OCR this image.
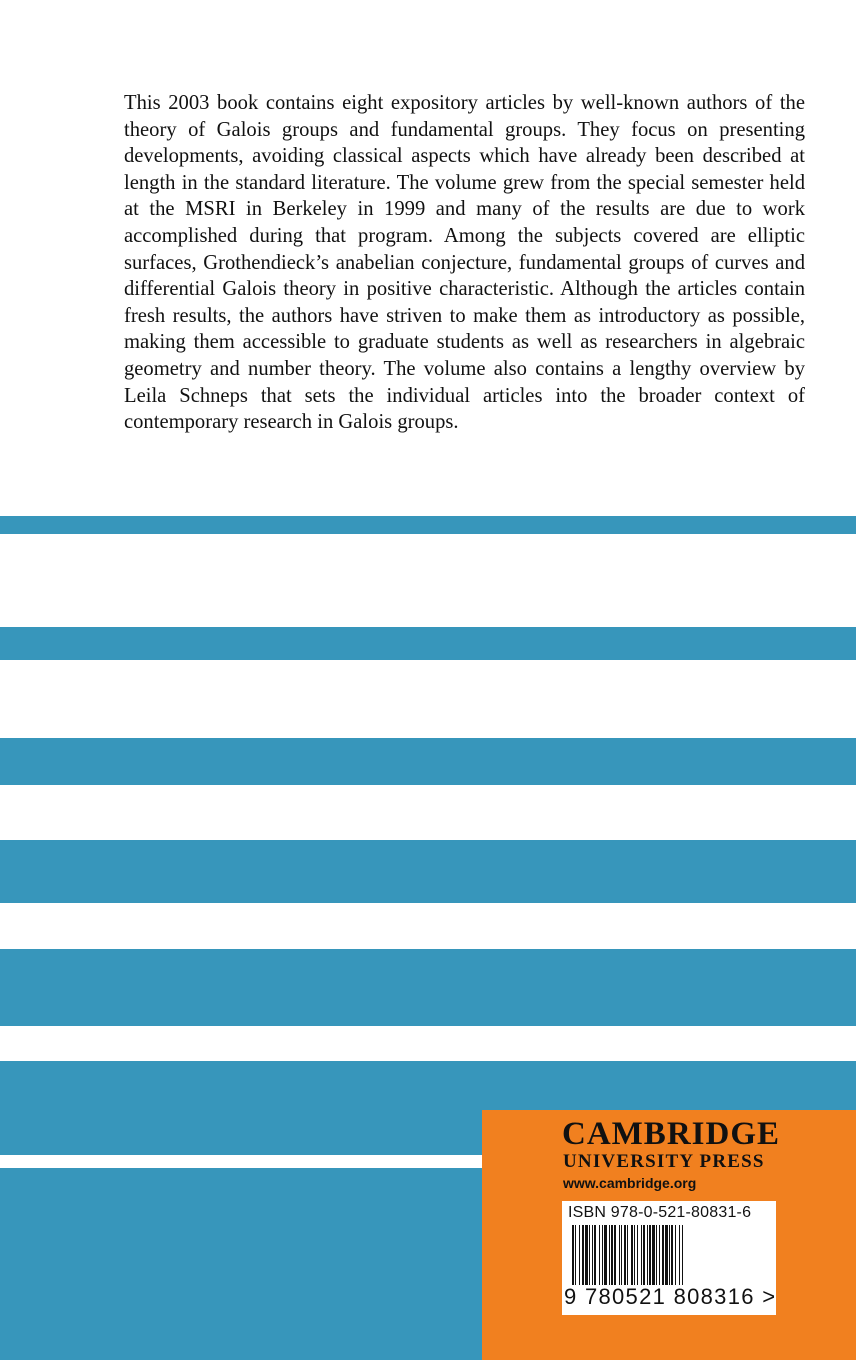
This 2003 book contains eight expository articles by well-known authors of the theory of Galois groups and fundamental groups. They focus on presenting developments, avoiding classical aspects which have already been described at length in the standard literature. The volume grew from the special semester held at the MSRI in Berkeley in 1999 and many of the results are due to work accomplished during that program. Among the subjects covered are elliptic surfaces, Grothendieck’s anabelian conjecture, fundamental groups of curves and differential Galois theory in positive characteristic. Although the articles contain fresh results, the authors have striven to make them as introductory as possible, making them accessible to graduate students as well as researchers in algebraic geometry and number theory. The volume also contains a lengthy overview by Leila Schneps that sets the individual articles into the broader context of contemporary research in Galois groups.

CAMBRIDGE
UNIVERSITY PRESS
www.cambridge.org
ISBN 978-0-521-80831-6
9 780521 808316 >
